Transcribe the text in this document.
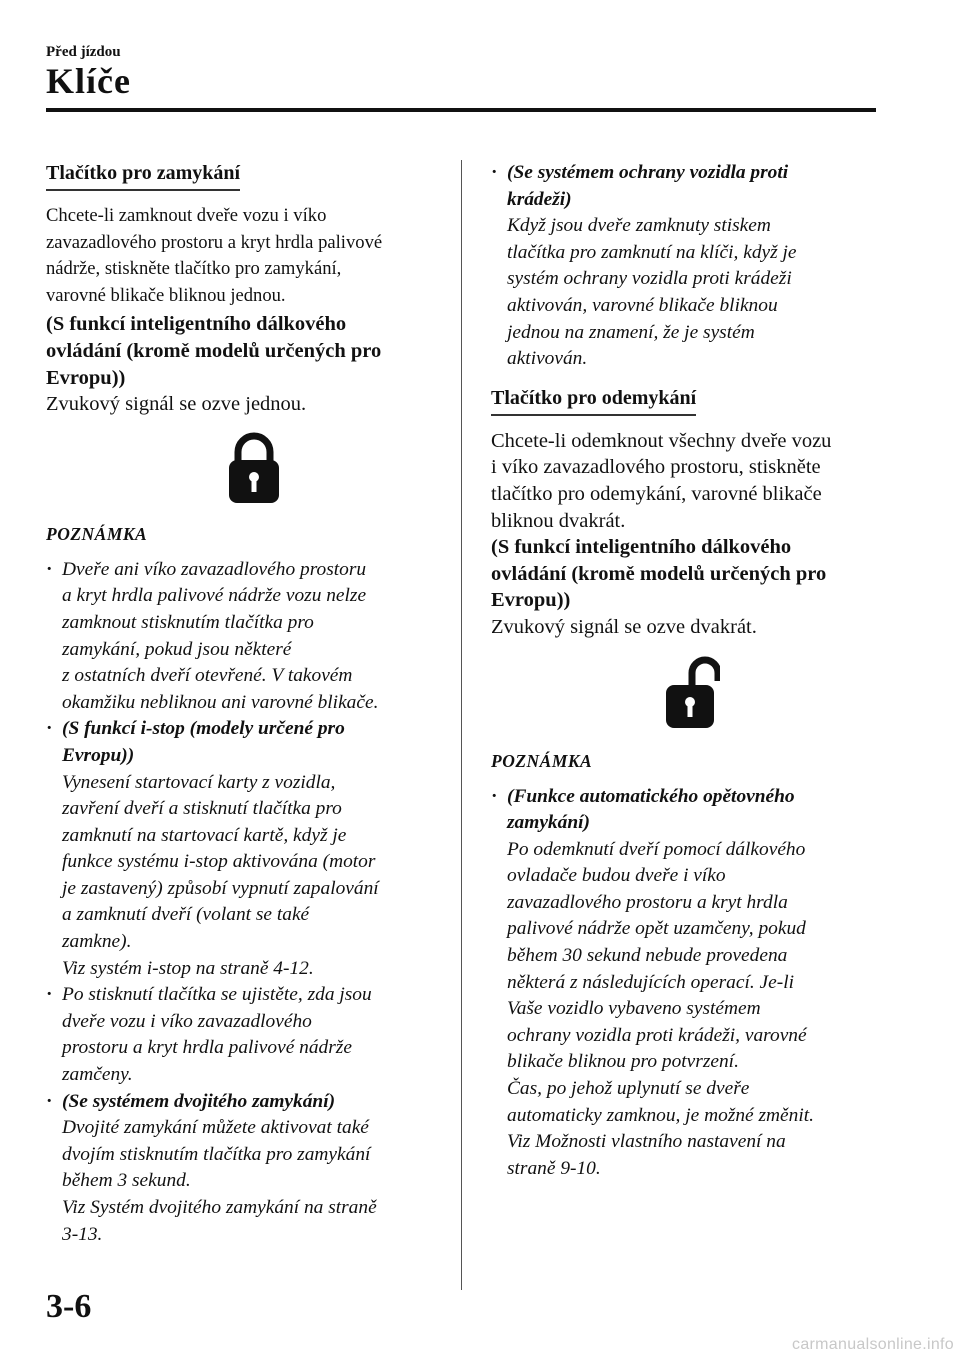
Před jízdou
Klíče
Tlačítko pro zamykání

Chcete-li zamknout dveře vozu i víko

zavazadlového prostoru a kryt hrdla palivové

nádrže, stiskněte tlačítko pro zamykání,

varovné blikače bliknou jednou.

(S funkcí inteligentního dálkového

ovládání (kromě modelů určených pro

Evropu))

Zvukový signál se ozve jednou.

POZNÁMKA

· Dveře ani víko zavazadlového prostoru
a kryt hrdla palivové nádrže vozu nelze
zamknout stisknutím tlačítka pro
zamykání, pokud jsou některé
z ostatních dveří otevřené. V takovém
okamžiku nebliknou ani varovné blikače.
· (S funkcí i-stop (modely určené pro
Evropu))
Vynesení startovací karty z vozidla,
zavření dveří a stisknutí tlačítka pro
zamknutí na startovací kartě, když je
funkce systému i-stop aktivována (motor
je zastavený) způsobí vypnutí zapalování
a zamknutí dveří (volant se také
zamkne).
Viz systém i-stop na straně 4-12.
· Po stisknutí tlačítka se ujistěte, zda jsou
dveře vozu i víko zavazadlového
prostoru a kryt hrdla palivové nádrže
zamčeny.
· (Se systémem dvojitého zamykání)
Dvojité zamykání můžete aktivovat také
dvojím stisknutím tlačítka pro zamykání
během 3 sekund.
Viz Systém dvojitého zamykání na straně
3-13.
· (Se systémem ochrany vozidla proti
krádeži)
Když jsou dveře zamknuty stiskem
tlačítka pro zamknutí na klíči, když je
systém ochrany vozidla proti krádeži
aktivován, varovné blikače bliknou
jednou na znamení, že je systém
aktivován.
Tlačítko pro odemykání

Chcete-li odemknout všechny dveře vozu

i víko zavazadlového prostoru, stiskněte

tlačítko pro odemykání, varovné blikače

bliknou dvakrát.

(S funkcí inteligentního dálkového

ovládání (kromě modelů určených pro

Evropu))

Zvukový signál se ozve dvakrát.

POZNÁMKA

· (Funkce automatického opětovného
zamykání)
Po odemknutí dveří pomocí dálkového
ovladače budou dveře i víko
zavazadlového prostoru a kryt hrdla
palivové nádrže opět uzamčeny, pokud
během 30 sekund nebude provedena
některá z následujících operací. Je-li
Vaše vozidlo vybaveno systémem
ochrany vozidla proti krádeži, varovné
blikače bliknou pro potvrzení.
Čas, po jehož uplynutí se dveře
automaticky zamknou, je možné změnit.
Viz Možnosti vlastního nastavení na
straně 9-10.
3-6
carmanualsonline.info
